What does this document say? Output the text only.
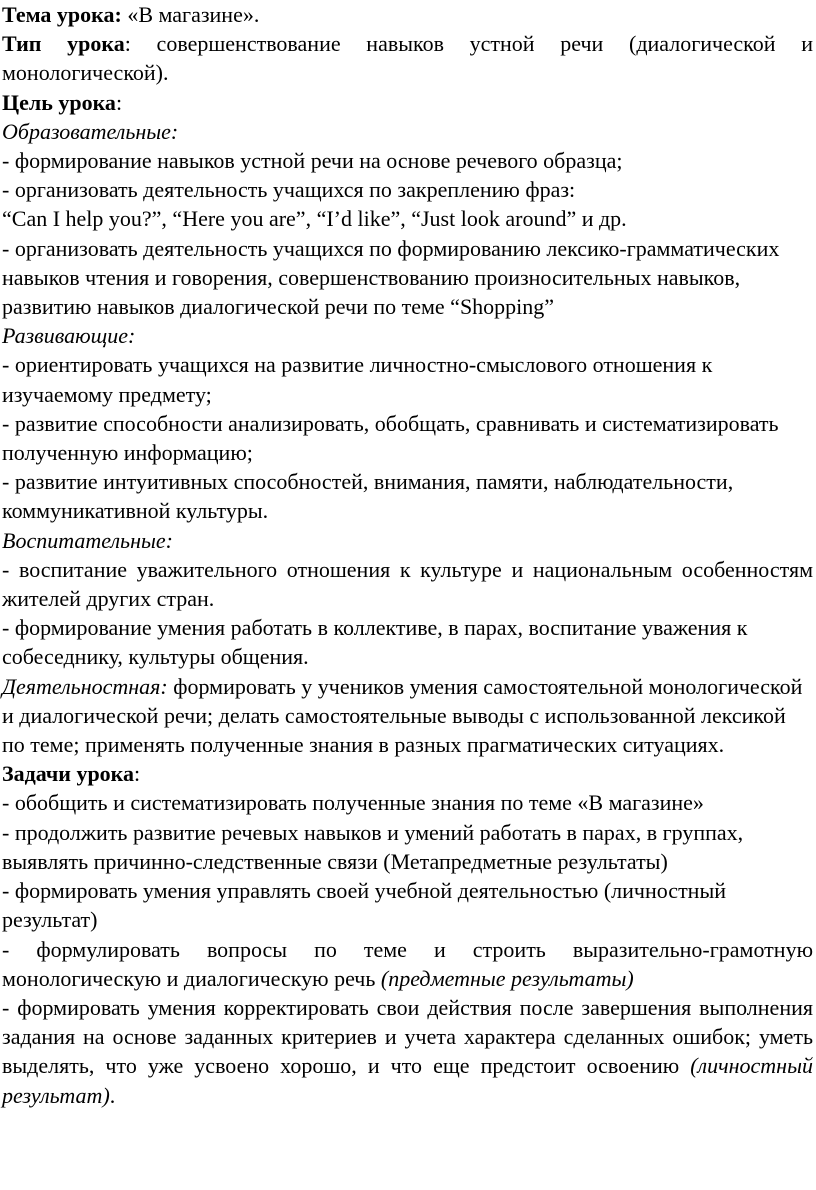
Тема урока: «В магазине».

Тип урока: совершенствование навыков устной речи (диалогической и монологической).

Цель урока:

Образовательные:

- формирование навыков устной речи на основе речевого образца;

- организовать деятельность учащихся по закреплению фраз:

“Can I help you?”, “Here you are”, “I’d like”, “Just look around” и др.

- организовать деятельность учащихся по формированию лексико-грамматических навыков чтения и говорения, совершенствованию произносительных навыков, развитию навыков диалогической речи по теме “Shopping”

Развивающие:

- ориентировать учащихся на развитие личностно-смыслового отношения к изучаемому предмету;

- развитие способности анализировать, обобщать, сравнивать и систематизировать полученную информацию;

- развитие интуитивных способностей, внимания, памяти, наблюдательности, коммуникативной культуры.

Воспитательные:

- воспитание уважительного отношения к культуре и национальным особенностям жителей других стран.

- формирование умения работать в коллективе, в парах, воспитание уважения к собеседнику, культуры общения.

Деятельностная: формировать у учеников умения самостоятельной монологической и диалогической речи; делать самостоятельные выводы с использованной лексикой по теме; применять полученные знания в разных прагматических ситуациях.

Задачи урока:

- обобщить и систематизировать полученные знания по теме «В магазине»

- продолжить развитие речевых навыков и умений работать в парах, в группах, выявлять причинно-следственные связи (Метапредметные результаты)

- формировать умения управлять своей учебной деятельностью (личностный результат)

- формулировать вопросы по теме и строить выразительно-грамотную монологическую и диалогическую речь (предметные результаты)

- формировать умения корректировать свои действия после завершения выполнения задания на основе заданных критериев и учета характера сделанных ошибок; уметь выделять, что уже усвоено хорошо, и что еще предстоит освоению (личностный результат).
